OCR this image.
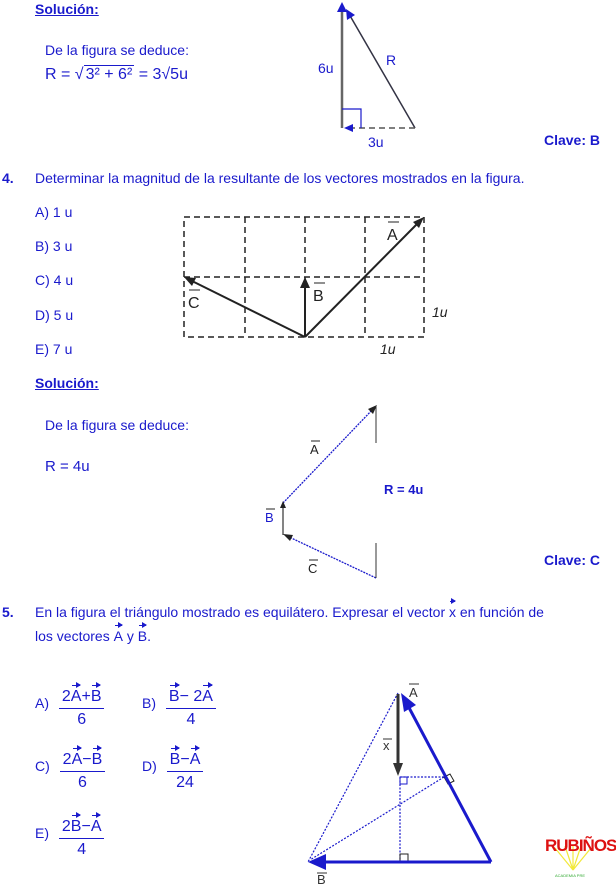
Solución:
De la figura se deduce:
R = √ 3² + 6² = 3√5u	6u	R
3u	Clave: B
4. Determinar la magnitud de la resultante de los vectores mostrados en la figura.
A) 1 u
B) 3 u
C) 4 u
D) 5 u
E) 7 u
A
B
C	1u
1u
Solución:
De la figura se deduce:
R = 4u
A
B
C
R = 4u
Clave: C
5. En la figura el triángulo mostrado es equilátero. Expresar el vector x en función de
los vectores A y B.
$A) \frac{2A+B}{6}$	$B) \frac{B- 2A}{4}$
$C) \frac{2A-B}{6}$	$D) \frac{B-A}{24}$
$E) \frac{2B-A}{4}$
A
x
B
RUBIÑOS
ACADEMIA PRE
